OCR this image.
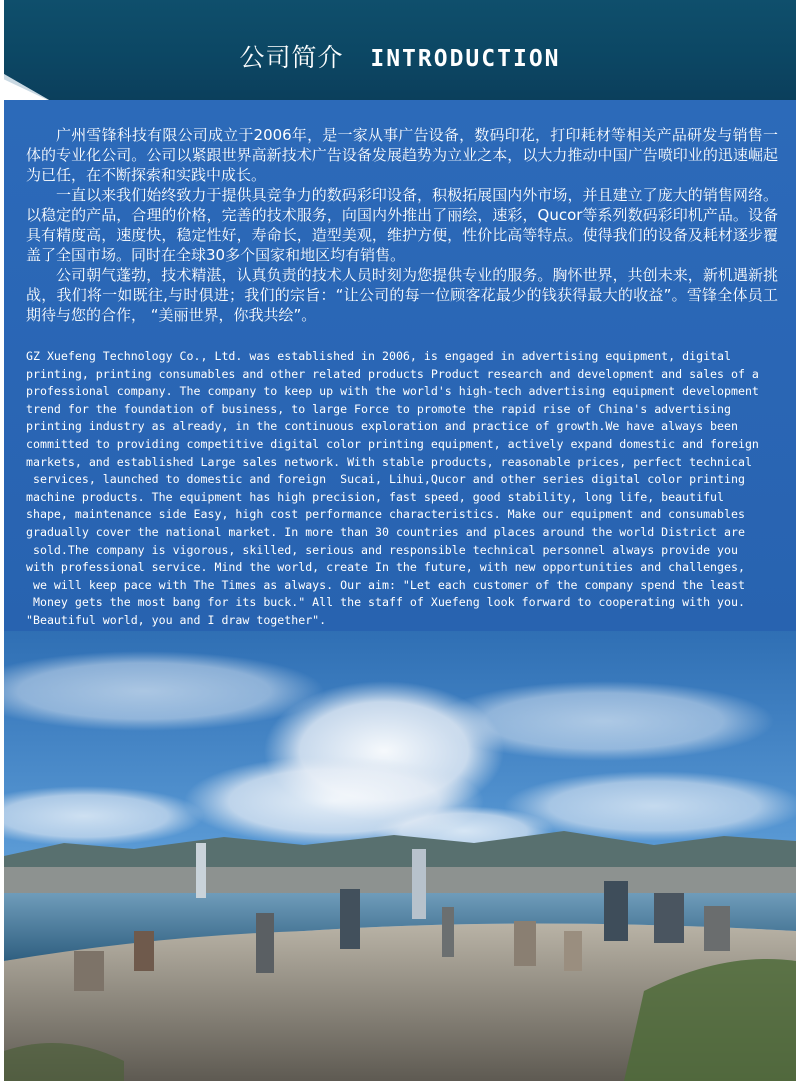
公司简介 INTRODUCTION

广州雪锋科技有限公司成立于2006年，是一家从事广告设备，数码印花，打印耗材等相关产品研发与销售一体的专业化公司。公司以紧跟世界高新技术广告设备发展趋势为立业之本，以大力推动中国广告喷印业的迅速崛起为已任，在不断探索和实践中成长。

一直以来我们始终致力于提供具竞争力的数码彩印设备，积极拓展国内外市场，并且建立了庞大的销售网络。以稳定的产品，合理的价格，完善的技术服务，向国内外推出了丽绘，速彩，Qucor等系列数码彩印机产品。设备具有精度高，速度快，稳定性好，寿命长，造型美观，维护方便，性价比高等特点。使得我们的设备及耗材逐步覆盖了全国市场。同时在全球30多个国家和地区均有销售。

公司朝气蓬勃，技术精湛，认真负责的技术人员时刻为您提供专业的服务。胸怀世界，共创未来，新机遇新挑战，我们将一如既往,与时俱进；我们的宗旨：“让公司的每一位顾客花最少的钱获得最大的收益”。雪锋全体员工期待与您的合作， “美丽世界，你我共绘”。

GZ Xuefeng Technology Co., Ltd. was established in 2006, is engaged in advertising equipment, digital
printing, printing consumables and other related products Product research and development and sales of a
professional company. The company to keep up with the world's high-tech advertising equipment development
trend for the foundation of business, to large Force to promote the rapid rise of China's advertising
printing industry as already, in the continuous exploration and practice of growth.We have always been
committed to providing competitive digital color printing equipment, actively expand domestic and foreign
markets, and established Large sales network. With stable products, reasonable prices, perfect technical
services, launched to domestic and foreign  Sucai, Lihui,Qucor and other series digital color printing
machine products. The equipment has high precision, fast speed, good stability, long life, beautiful
shape, maintenance side Easy, high cost performance characteristics. Make our equipment and consumables
gradually cover the national market. In more than 30 countries and places around the world District are
sold.The company is vigorous, skilled, serious and responsible technical personnel always provide you
with professional service. Mind the world, create In the future, with new opportunities and challenges,
we will keep pace with The Times as always. Our aim: "Let each customer of the company spend the least
Money gets the most bang for its buck." All the staff of Xuefeng look forward to cooperating with you.
"Beautiful world, you and I draw together".
